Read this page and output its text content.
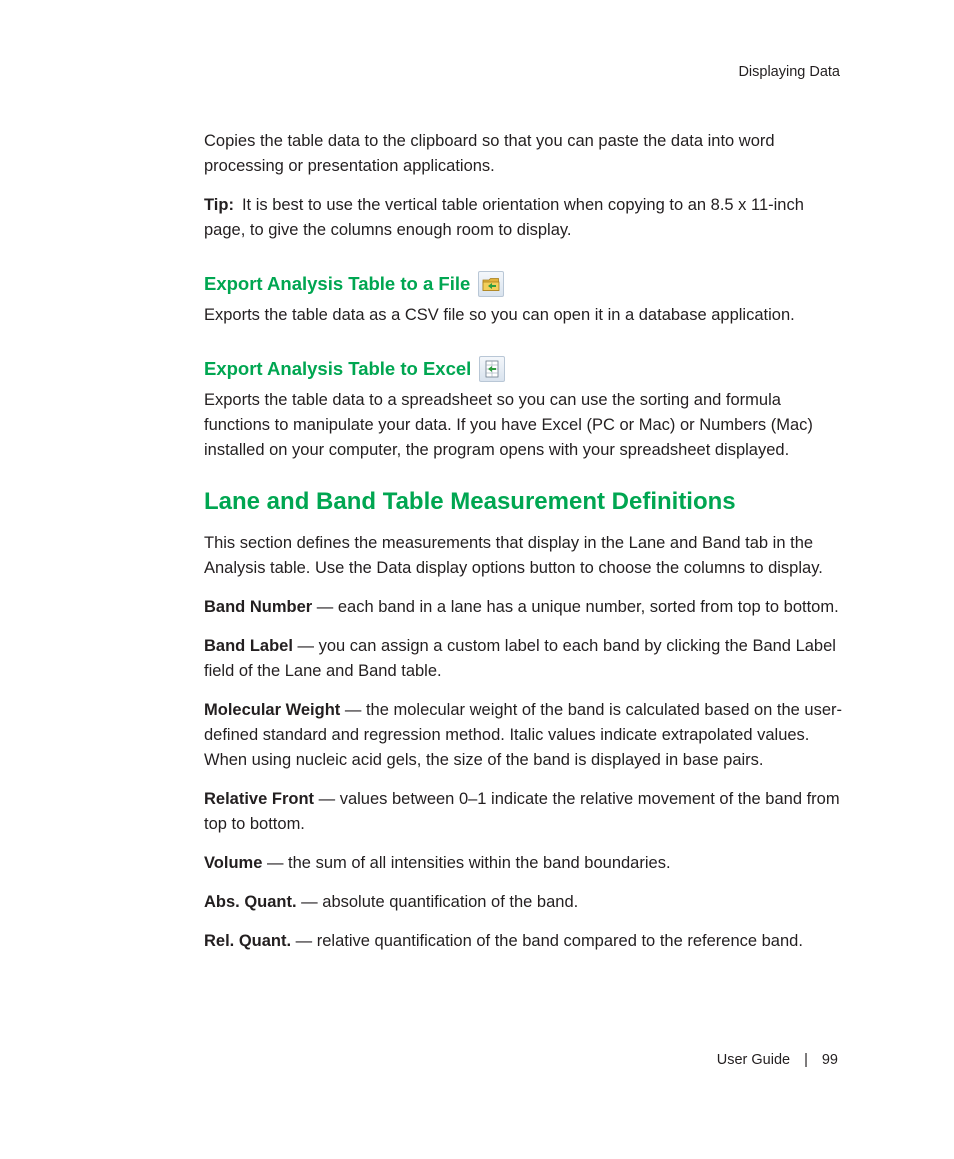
Displaying Data

Copies the table data to the clipboard so that you can paste the data into word processing or presentation applications.

Tip: It is best to use the vertical table orientation when copying to an 8.5 x 11-inch page, to give the columns enough room to display.

Export Analysis Table to a File

Exports the table data as a CSV file so you can open it in a database application.

Export Analysis Table to Excel

Exports the table data to a spreadsheet so you can use the sorting and formula functions to manipulate your data. If you have Excel (PC or Mac) or Numbers (Mac) installed on your computer, the program opens with your spreadsheet displayed.

Lane and Band Table Measurement Definitions

This section defines the measurements that display in the Lane and Band tab in the Analysis table. Use the Data display options button to choose the columns to display.

Band Number — each band in a lane has a unique number, sorted from top to bottom.

Band Label — you can assign a custom label to each band by clicking the Band Label field of the Lane and Band table.

Molecular Weight — the molecular weight of the band is calculated based on the user-defined standard and regression method. Italic values indicate extrapolated values. When using nucleic acid gels, the size of the band is displayed in base pairs.

Relative Front — values between 0–1 indicate the relative movement of the band from top to bottom.

Volume — the sum of all intensities within the band boundaries.

Abs. Quant. — absolute quantification of the band.

Rel. Quant. — relative quantification of the band compared to the reference band.

User Guide | 99
